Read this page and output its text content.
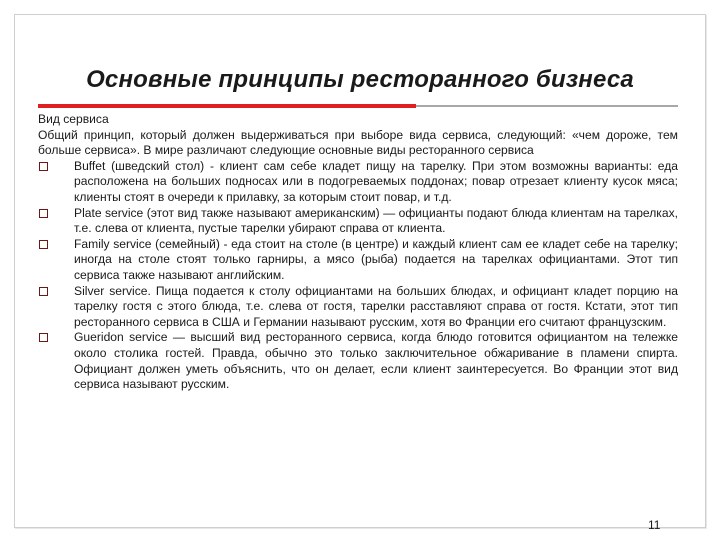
Основные принципы ресторанного бизнеса

Вид сервиса

Общий принцип, который должен выдерживаться при выборе вида сервиса, следующий: «чем дороже, тем больше сервиса». В мире различают следующие основные виды ресторанного сервиса

Buffet (шведский стол) - клиент сам себе кладет пищу на тарелку. При этом возможны варианты: еда расположена на больших подносах или в подогреваемых поддонах; повар отрезает клиенту кусок мяса; клиенты стоят в очереди к прилавку, за которым стоит повар, и т.д.
Plate service (этот вид также называют американским) — официанты подают блюда клиентам на тарелках, т.е. слева от клиента, пустые тарелки убирают справа от клиента.
Family service (семейный) - еда стоит на столе (в центре) и каждый клиент сам ее кладет себе на тарелку; иногда на столе стоят только гарниры, а мясо (рыба) подается на тарелках официантами. Этот тип сервиса также называют английским.
Silver service. Пища подается к столу официантами на больших блюдах, и официант кладет порцию на тарелку гостя с этого блюда, т.е. слева от гостя, тарелки расставляют справа от гостя. Кстати, этот тип ресторанного сервиса в США и Германии называют русским, хотя во Франции его считают французским.
Gueridon service — высший вид ресторанного сервиса, когда блюдо готовится официантом на тележке около столика гостей. Правда, обычно это только заключительное обжаривание в пламени спирта. Официант должен уметь объяснить, что он делает, если клиент заинтересуется. Во Франции этот вид сервиса называют русским.
11
